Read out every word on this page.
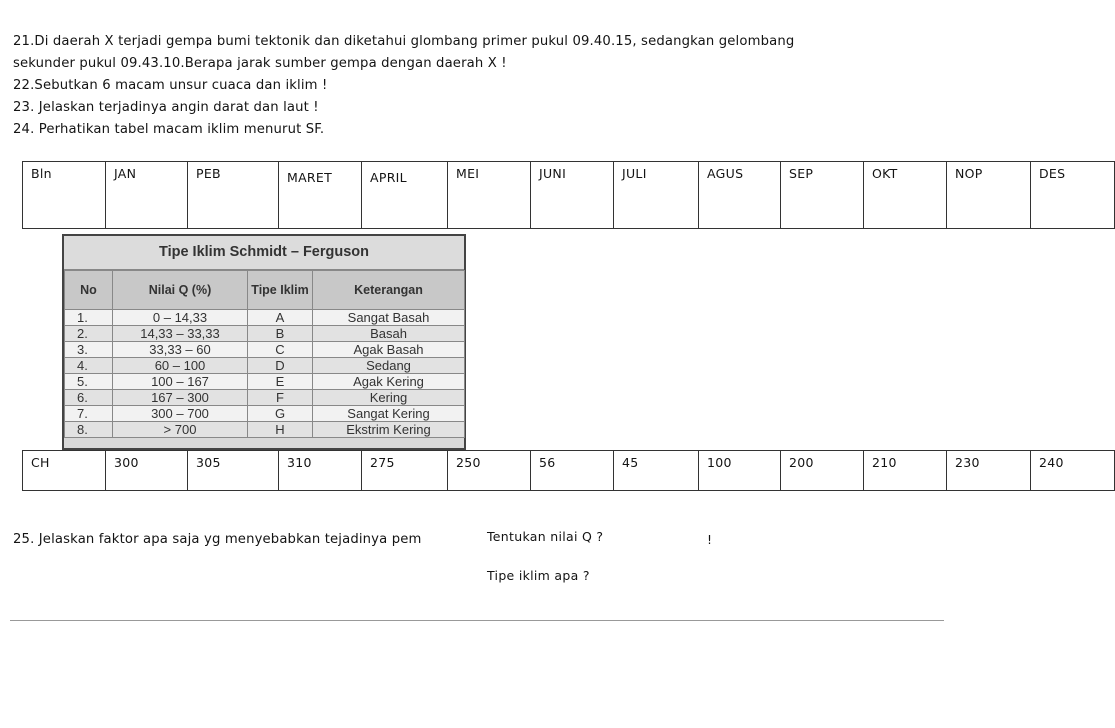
21.Di daerah X terjadi gempa bumi tektonik dan diketahui glombang primer pukul 09.40.15, sedangkan gelombang
sekunder pukul 09.43.10.Berapa jarak sumber gempa dengan daerah X !
22.Sebutkan 6 macam unsur cuaca dan iklim !
23. Jelaskan terjadinya angin darat dan laut !
24. Perhatikan tabel macam iklim menurut SF.
Bln	JAN	PEB	MARET	APRIL	MEI	JUNI	JULI	AGUS	SEP	OKT	NOP	DES
Tipe Iklim Schmidt – Ferguson
No	Nilai Q (%)	Tipe Iklim	Keterangan
1.	0 – 14,33	A	Sangat Basah
2.	14,33 – 33,33	B	Basah
3.	33,33 – 60	C	Agak Basah
4.	60 – 100	D	Sedang
5.	100 – 167	E	Agak Kering
6.	167 – 300	F	Kering
7.	300 – 700	G	Sangat Kering
8.	> 700	H	Ekstrim Kering
CH	300	305	310	275	250	56	45	100	200	210	230	240
25. Jelaskan faktor apa saja yg menyebabkan tejadinya pem	Tentukan nilai Q ?	!
Tipe iklim apa ?
